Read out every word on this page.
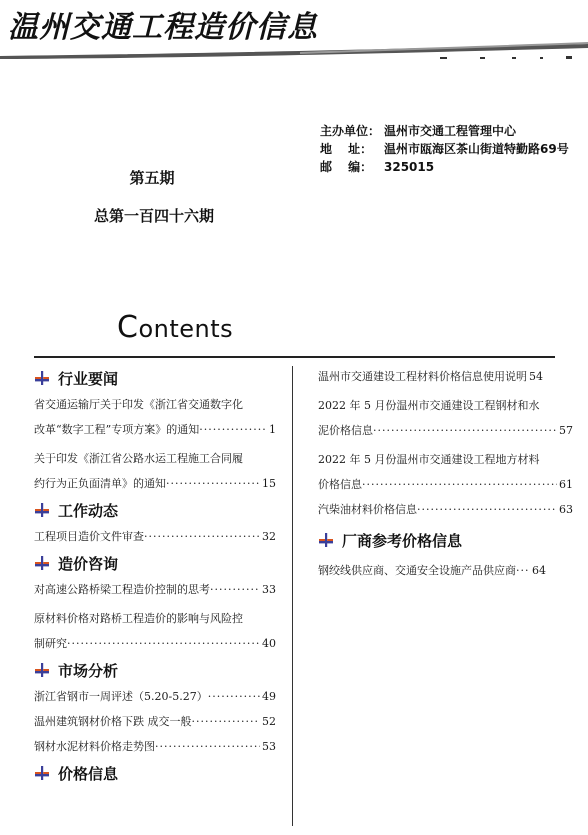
温州交通工程造价信息
第五期
总第一百四十六期
主办单位： 温州市交通工程管理中心
地　 址： 温州市瓯海区茶山街道特勤路69号
邮　 编： 325015
Contents
行业要闻
省交通运输厅关于印发《浙江省交通数字化
改革“数字工程”专项方案》的通知 ·····	1
关于印发《浙江省公路水运工程施工合同履
约行为正负面清单》的通知 ·····	15
工作动态
工程项目造价文件审查 ·····	32
造价咨询
对高速公路桥梁工程造价控制的思考 ·····	33
原材料价格对路桥工程造价的影响与风险控
制研究 ·····	40
市场分析
浙江省钢市一周评述（5.20-5.27） ·····	49
温州建筑钢材价格下跌 成交一般 ·····	52
钢材水泥材料价格走势图 ·····	53
价格信息
温州市交通建设工程材料价格信息使用说明 54
2022 年 5 月份温州市交通建设工程钢材和水
泥价格信息 ·····	57
2022 年 5 月份温州市交通建设工程地方材料
价格信息 ·····	61
汽柴油材料价格信息 ·····	63
厂商参考价格信息
钢绞线供应商、交通安全设施产品供应商 ····· 64
